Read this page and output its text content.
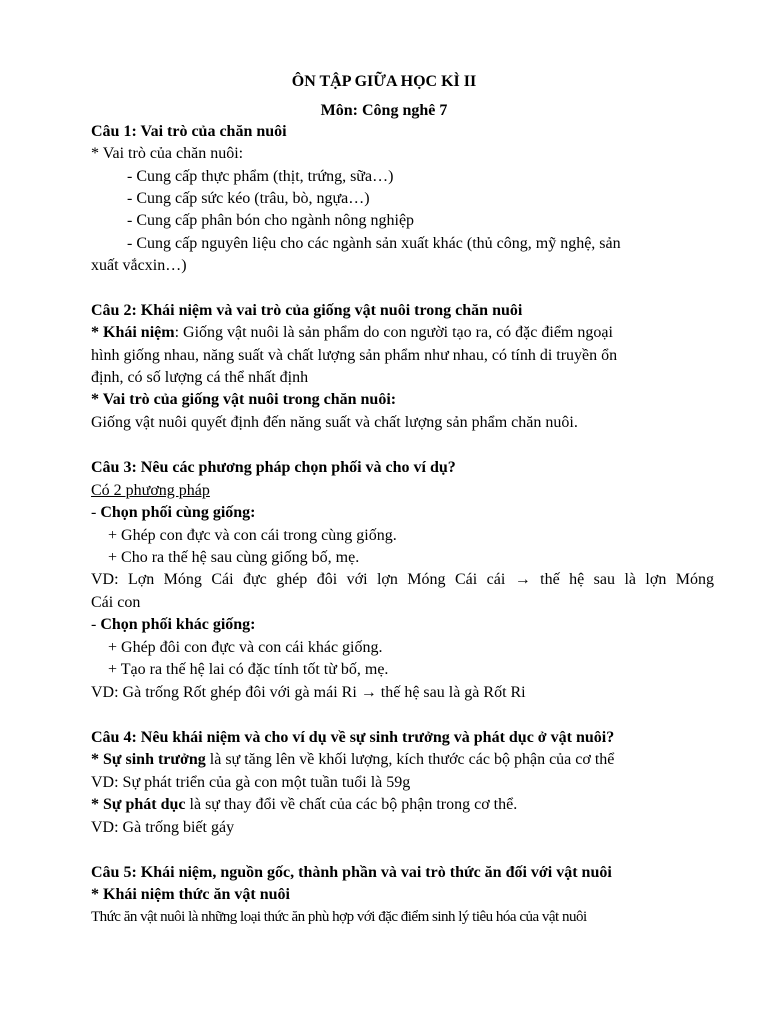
ÔN TẬP GIỮA HỌC KÌ II
Môn: Công nghê 7
Câu 1: Vai trò của chăn nuôi
* Vai trò của chăn nuôi:
- Cung cấp thực phẩm (thịt, trứng, sữa…)
- Cung cấp sức kéo (trâu, bò, ngựa…)
- Cung cấp phân bón cho ngành nông nghiệp
- Cung cấp nguyên liệu cho các ngành sản xuất khác (thủ công, mỹ nghệ, sản
xuất vắcxin…)
Câu 2: Khái niệm và vai trò của giống vật nuôi trong chăn nuôi
* Khái niệm: Giống vật nuôi là sản phẩm do con người tạo ra, có đặc điểm ngoại
hình giống nhau, năng suất và chất lượng sản phẩm như nhau, có tính di truyền ổn
định, có số lượng cá thể nhất định
* Vai trò của giống vật nuôi trong chăn nuôi:
Giống vật nuôi quyết định đến năng suất và chất lượng sản phẩm chăn nuôi.
Câu 3: Nêu các phương pháp chọn phối và cho ví dụ?
Có 2 phương pháp
- Chọn phối cùng giống:
+ Ghép con đực và con cái trong cùng giống.
+ Cho ra thế hệ sau cùng giống bố, mẹ.
VD: Lợn Móng Cái đực ghép đôi với lợn Móng Cái cái → thế hệ sau là lợn Móng
Cái con
- Chọn phối khác giống:
+ Ghép đôi con đực và con cái khác giống.
+ Tạo ra thế hệ lai có đặc tính tốt từ bố, mẹ.
VD: Gà trống Rốt ghép đôi với gà mái Ri → thế hệ sau là gà Rốt Ri
Câu 4: Nêu khái niệm và cho ví dụ về sự sinh trưởng và phát dục ở vật nuôi?
* Sự sinh trưởng là sự tăng lên về khối lượng, kích thước các bộ phận của cơ thể
VD: Sự phát triển của gà con một tuần tuổi là 59g
* Sự phát dục là sự thay đổi về chất của các bộ phận trong cơ thể.
VD: Gà trống biết gáy
Câu 5: Khái niệm, nguồn gốc, thành phần và vai trò thức ăn đối với vật nuôi
* Khái niệm thức ăn vật nuôi
Thức ăn vật nuôi là những loại thức ăn phù hợp với đặc điểm sinh lý tiêu hóa của vật nuôi
